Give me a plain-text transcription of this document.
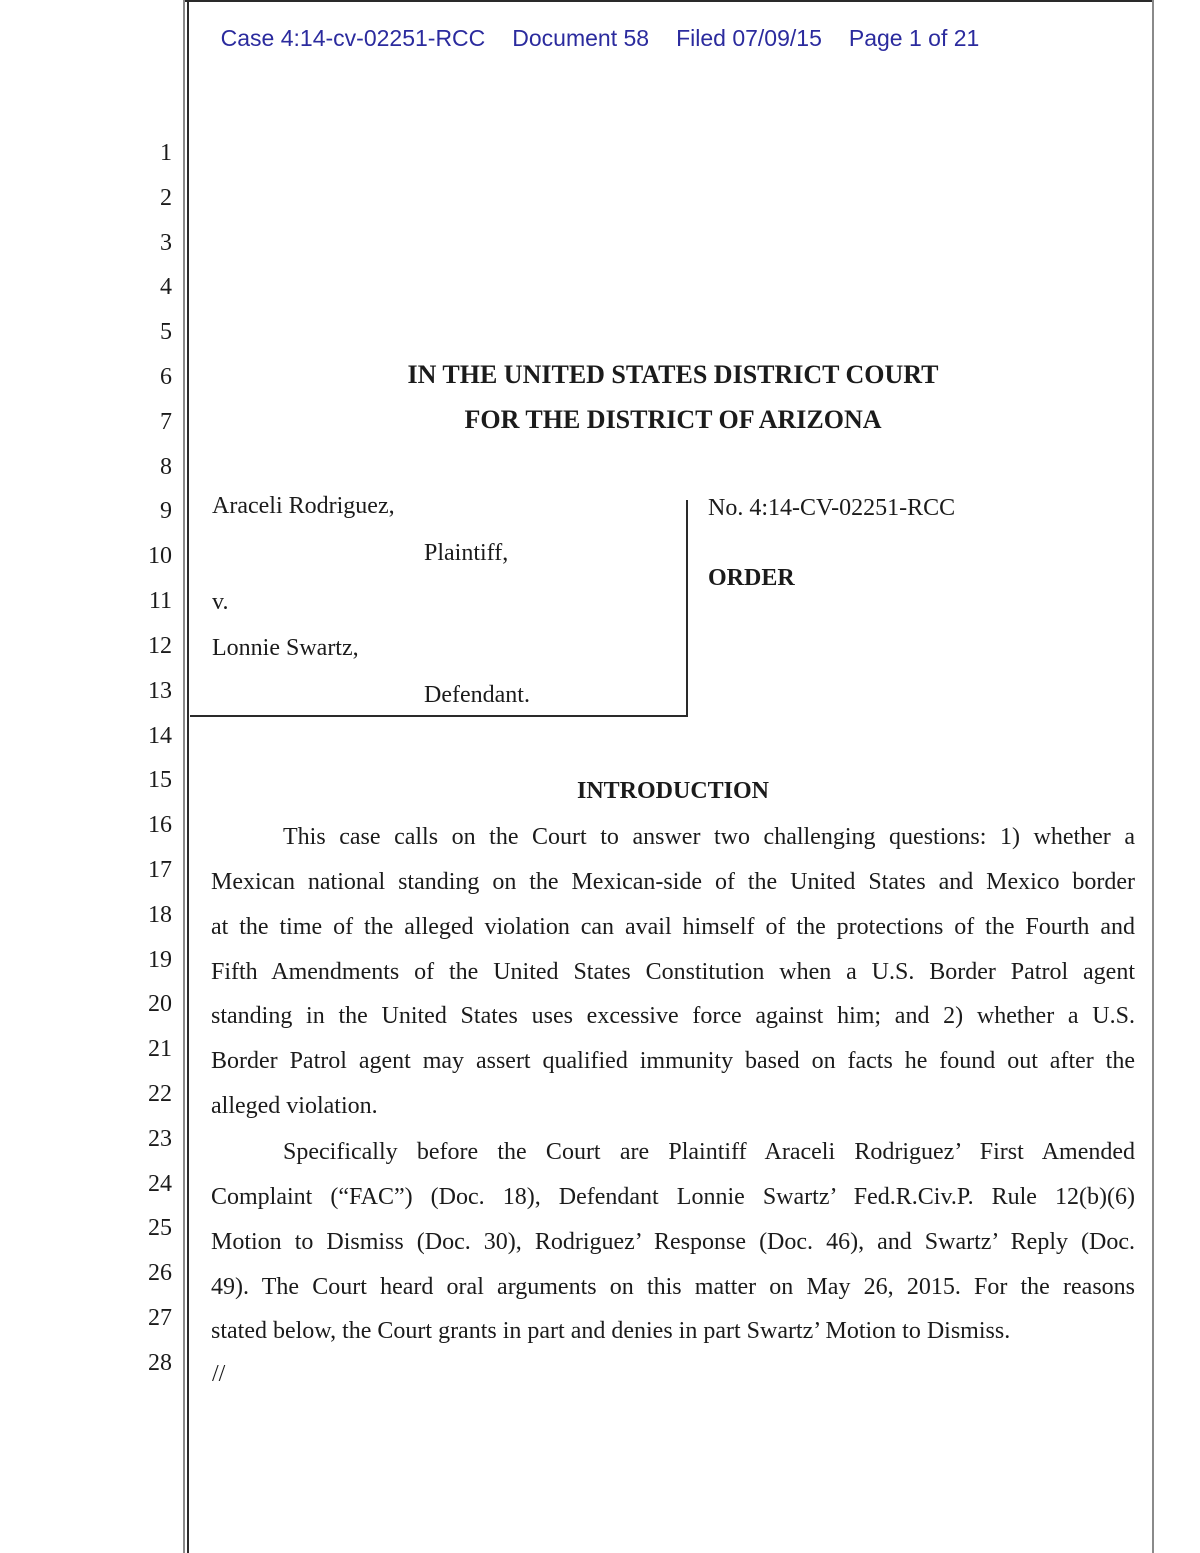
Case 4:14-cv-02251-RCC Document 58 Filed 07/09/15 Page 1 of 21
1
2
3
4
5
6
7
8
9
10
11
12
13
14
15
16
17
18
19
20
21
22
23
24
25
26
27
28
IN THE UNITED STATES DISTRICT COURT
FOR THE DISTRICT OF ARIZONA
Araceli Rodriguez,
Plaintiff,
v.
Lonnie Swartz,
Defendant.
No. 4:14-CV-02251-RCC
ORDER
INTRODUCTION
This case calls on the Court to answer two challenging questions: 1) whether a
Mexican national standing on the Mexican-side of the United States and Mexico border
at the time of the alleged violation can avail himself of the protections of the Fourth and
Fifth Amendments of the United States Constitution when a U.S. Border Patrol agent
standing in the United States uses excessive force against him; and 2) whether a U.S.
Border Patrol agent may assert qualified immunity based on facts he found out after the
alleged violation.
Specifically before the Court are Plaintiff Araceli Rodriguez’ First Amended
Complaint (“FAC”) (Doc. 18), Defendant Lonnie Swartz’ Fed.R.Civ.P. Rule 12(b)(6)
Motion to Dismiss (Doc. 30), Rodriguez’ Response (Doc. 46), and Swartz’ Reply (Doc.
49). The Court heard oral arguments on this matter on May 26, 2015. For the reasons
stated below, the Court grants in part and denies in part Swartz’ Motion to Dismiss.
//
